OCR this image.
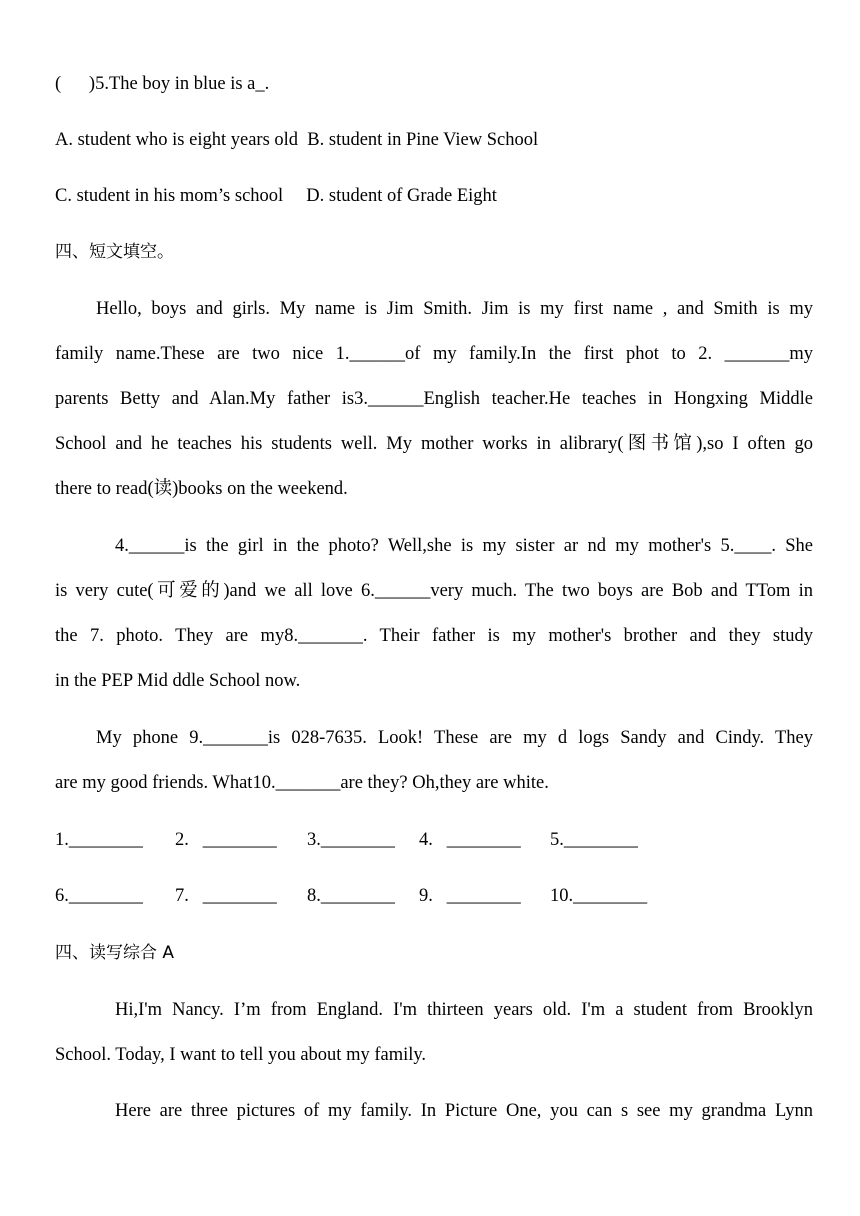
(      )5.The boy in blue is a_.
A. student who is eight years old  B. student in Pine View School
C. student in his mom’s school     D. student of Grade Eight
四、短文填空。
Hello, boys and girls. My name is Jim Smith. Jim is my first name , and Smith is my
family name.These are two nice 1.______of my family.In the first phot to 2. _______my
parents Betty and Alan.My father is3.______English teacher.He teaches in Hongxing Middle
School and he teaches his students well. My mother works in alibrary(图书馆),so I often go
there to read(读)books on the weekend.
4.______is the girl in the photo? Well,she is my sister ar nd my mother's 5.____. She
is very cute(可爱的)and we all love 6.______very much. The two boys are Bob and TTom in
the 7. photo. They are my8._______. Their father is my mother's brother and they study
in the PEP Mid ddle School now.
My phone 9._______is 028-7635. Look! These are my d logs Sandy and Cindy. They
are my good friends. What10._______are they? Oh,they are white.
1.________ 2.   ________ 3.________ 4.   ________ 5.________
6.________ 7.   ________ 8.________ 9.   ________ 10.________
四、读写综合 A
Hi,I'm Nancy. I’m from England. I'm thirteen years old. I'm a student from Brooklyn
School. Today, I want to tell you about my family.
Here are three pictures of my family. In Picture One, you can s see my grandma Lynn
